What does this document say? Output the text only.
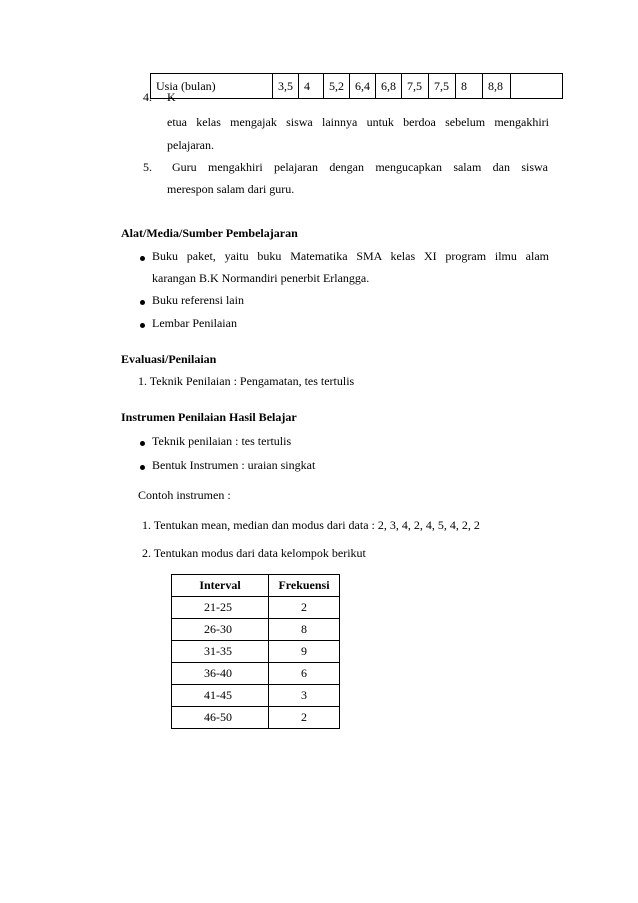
Usia (bulan)	3,5	4	5,2	6,4	6,8	7,5	7,5	8	8,8	
4. K
etua kelas mengajak siswa lainnya untuk berdoa sebelum mengakhiri
pelajaran.
5. Guru mengakhiri pelajaran dengan mengucapkan salam dan siswa
merespon salam dari guru.
Alat/Media/Sumber Pembelajaran
Buku paket, yaitu buku Matematika SMA kelas XI program ilmu alam
karangan B.K Normandiri penerbit Erlangga.
Buku referensi lain
Lembar Penilaian
Evaluasi/Penilaian
1. Teknik Penilaian : Pengamatan, tes tertulis
Instrumen Penilaian Hasil Belajar
Teknik penilaian : tes tertulis
Bentuk Instrumen : uraian singkat
Contoh instrumen :
1. Tentukan mean, median dan modus dari data : 2, 3, 4, 2, 4, 5, 4, 2, 2
2. Tentukan modus dari data kelompok berikut
Interval	Frekuensi
21-25	2
26-30	8
31-35	9
36-40	6
41-45	3
46-50	2
